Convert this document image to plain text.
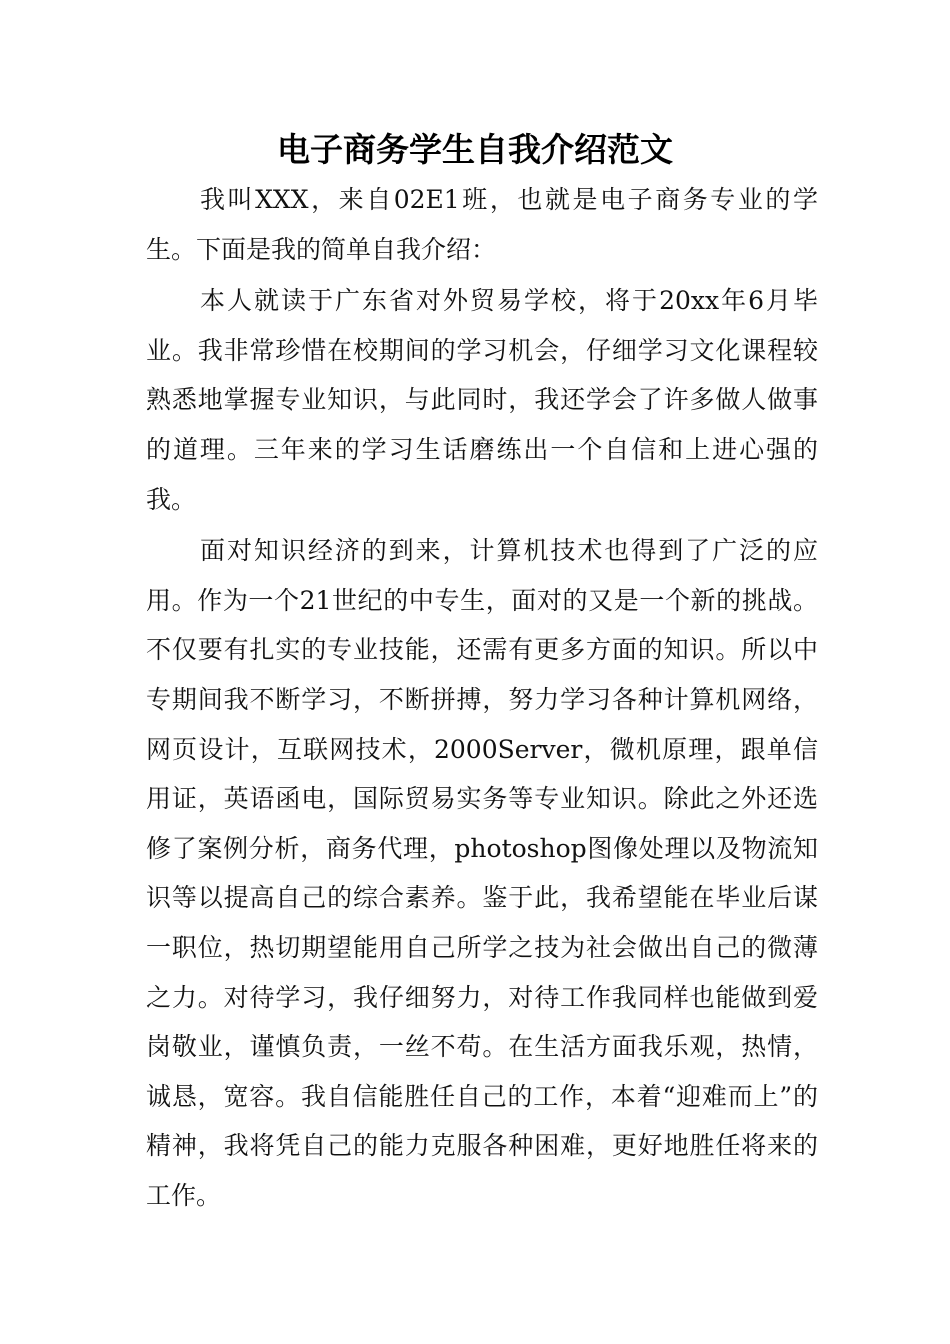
电子商务学生自我介绍范文

我叫XXX，来自02E1班，也就是电子商务专业的学生。下面是我的简单自我介绍：

本人就读于广东省对外贸易学校，将于20xx年6月毕业。我非常珍惜在校期间的学习机会，仔细学习文化课程较熟悉地掌握专业知识，与此同时，我还学会了许多做人做事的道理。三年来的学习生话磨练出一个自信和上进心强的我。

面对知识经济的到来，计算机技术也得到了广泛的应用。作为一个21世纪的中专生，面对的又是一个新的挑战。不仅要有扎实的专业技能，还需有更多方面的知识。所以中专期间我不断学习，不断拼搏，努力学习各种计算机网络，网页设计，互联网技术，2000Server，微机原理，跟单信用证，英语函电，国际贸易实务等专业知识。除此之外还选修了案例分析，商务代理，photoshop图像处理以及物流知识等以提高自己的综合素养。鉴于此，我希望能在毕业后谋一职位，热切期望能用自己所学之技为社会做出自己的微薄之力。对待学习，我仔细努力，对待工作我同样也能做到爱岗敬业，谨慎负责，一丝不苟。在生活方面我乐观，热情，诚恳，宽容。我自信能胜任自己的工作，本着“迎难而上”的精神，我将凭自己的能力克服各种困难，更好地胜任将来的工作。
